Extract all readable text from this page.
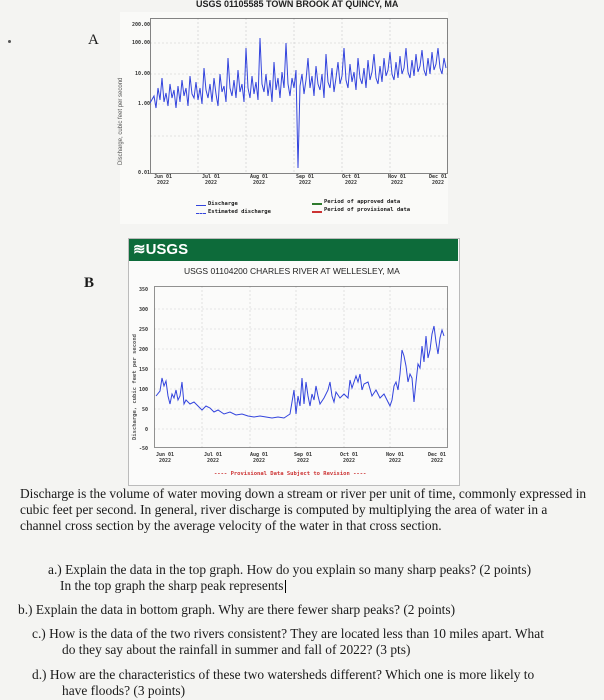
A
B
USGS 01105585 TOWN BROOK AT QUINCY, MA
Discharge, cubic feet per second
200.00
100.00
10.00
1.00
0.01
Jun 01
2022
Jul 01
2022
Aug 01
2022
Sep 01
2022
Oct 01
2022
Nov 01
2022
Dec 01
2022
Discharge
Estimated discharge
Period of approved data
Period of provisional data
≋USGS
USGS 01104200 CHARLES RIVER AT WELLESLEY, MA
Discharge, cubic feet per second
350
300
250
200
150
100
50
0
-50
Jun 01
2022
Jul 01
2022
Aug 01
2022
Sep 01
2022
Oct 01
2022
Nov 01
2022
Dec 01
2022
---- Provisional Data Subject to Revision ----
Discharge is the volume of water moving down a stream or river per unit of time, commonly expressed in cubic feet per second. In general, river discharge is computed by multiplying the area of water in a channel cross section by the average velocity of the water in that cross section.
a.) Explain the data in the top graph. How do you explain so many sharp peaks? (2 points)
In the top graph the sharp peak represents
b.) Explain the data in bottom graph. Why are there fewer sharp peaks? (2 points)
c.) How is the data of the two rivers consistent? They are located less than 10 miles apart. What
do they say about the rainfall in summer and fall of 2022? (3 pts)
d.) How are the characteristics of these two watersheds different? Which one is more likely to
have floods? (3 points)
